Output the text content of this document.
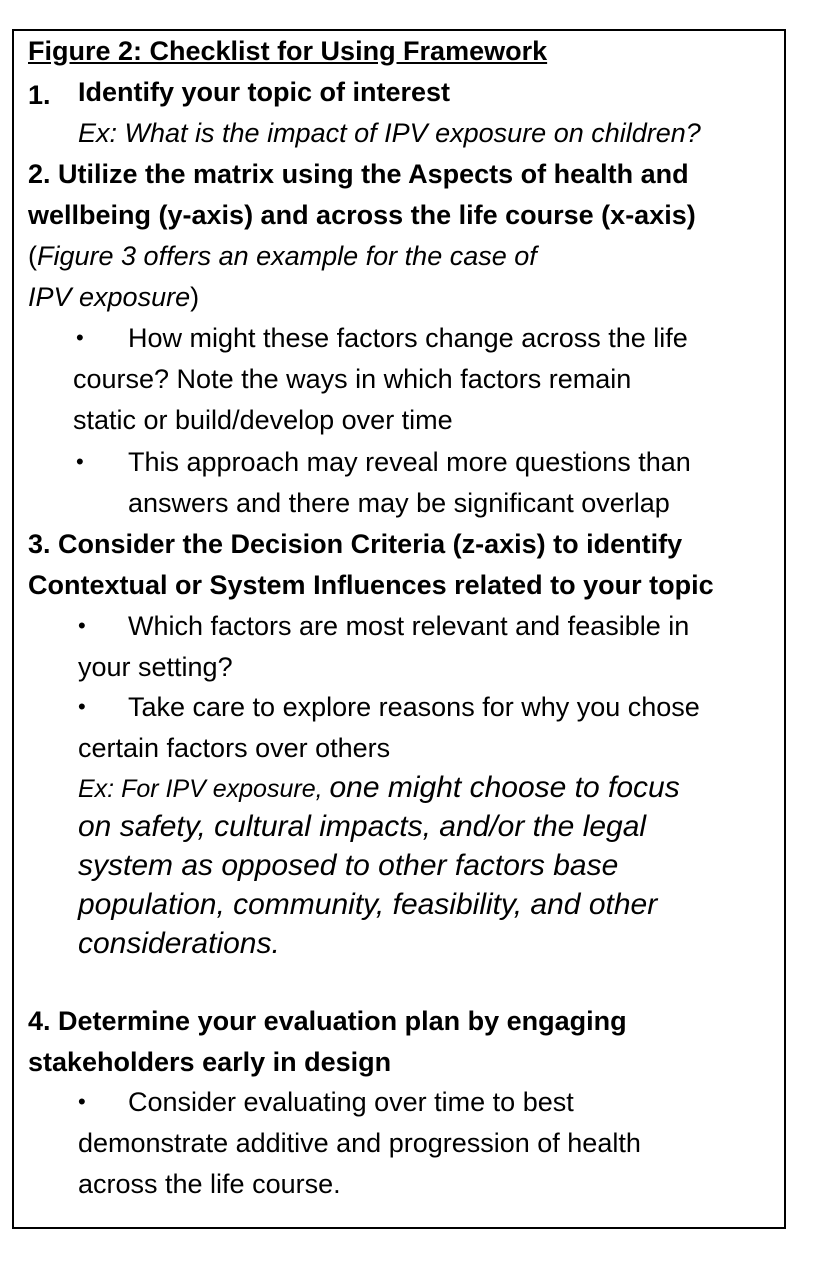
Figure 2: Checklist for Using Framework
1. Identify your topic of interest
Ex: What is the impact of IPV exposure on children?
2. Utilize the matrix using the Aspects of health and
wellbeing (y-axis) and across the life course (x-axis)
(Figure 3 offers an example for the case of
IPV exposure)
• How might these factors change across the life
course? Note the ways in which factors remain
static or build/develop over time
• This approach may reveal more questions than
answers and there may be significant overlap
3. Consider the Decision Criteria (z-axis) to identify
Contextual or System Influences related to your topic
• Which factors are most relevant and feasible in
your setting?
• Take care to explore reasons for why you chose
certain factors over others
Ex: For IPV exposure, one might choose to focus
on safety, cultural impacts, and/or the legal
system as opposed to other factors base
population, community, feasibility, and other
considerations.
4. Determine your evaluation plan by engaging
stakeholders early in design
• Consider evaluating over time to best
demonstrate additive and progression of health
across the life course.
